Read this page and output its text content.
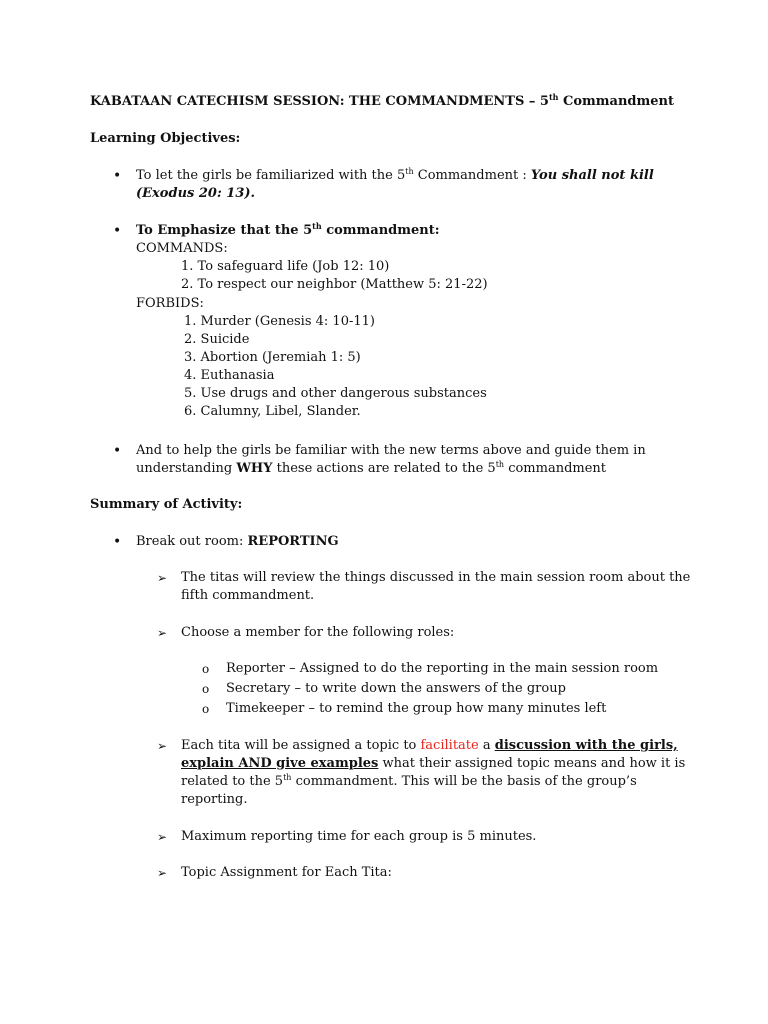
KABATAAN CATECHISM SESSION: THE COMMANDMENTS – 5th Commandment
Learning Objectives:
• To let the girls be familiarized with the 5th Commandment : You shall not kill
(Exodus 20: 13).
• To Emphasize that the 5th commandment:
COMMANDS:
1. To safeguard life (Job 12: 10)
2. To respect our neighbor (Matthew 5: 21-22)
FORBIDS:
1. Murder (Genesis 4: 10-11)
2. Suicide
3. Abortion (Jeremiah 1: 5)
4. Euthanasia
5. Use drugs and other dangerous substances
6. Calumny, Libel, Slander.
• And to help the girls be familiar with the new terms above and guide them in
understanding WHY these actions are related to the 5th commandment
Summary of Activity:
• Break out room: REPORTING
➢ The titas will review the things discussed in the main session room about the
fifth commandment.
➢ Choose a member for the following roles:
o Reporter – Assigned to do the reporting in the main session room
o Secretary – to write down the answers of the group
o Timekeeper – to remind the group how many minutes left
➢ Each tita will be assigned a topic to facilitate a discussion with the girls,
explain AND give examples what their assigned topic means and how it is
related to the 5th commandment. This will be the basis of the group’s
reporting.
➢ Maximum reporting time for each group is 5 minutes.
➢ Topic Assignment for Each Tita:
